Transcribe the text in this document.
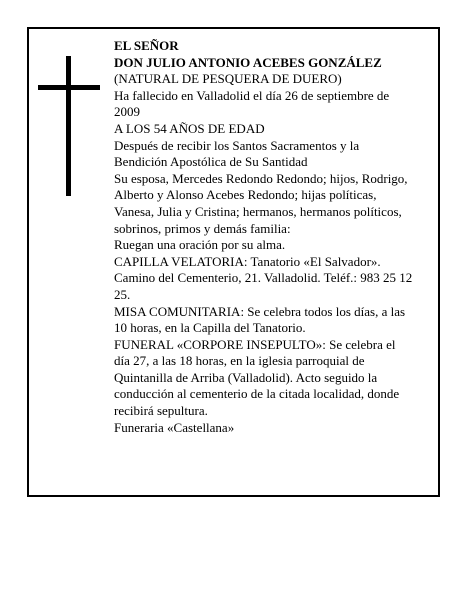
EL SEÑOR

DON JULIO ANTONIO ACEBES GONZÁLEZ

(NATURAL DE PESQUERA DE DUERO)

Ha fallecido en Valladolid el día 26 de septiembre de 2009

A LOS 54 AÑOS DE EDAD

Después de recibir los Santos Sacramentos y la Bendición Apostólica de Su Santidad

Su esposa, Mercedes Redondo Redondo; hijos, Rodrigo, Alberto y Alonso Acebes Redondo; hijas políticas, Vanesa, Julia y Cristina; hermanos, hermanos políticos, sobrinos, primos y demás familia:

Ruegan una oración por su alma.

CAPILLA VELATORIA: Tanatorio «El Salvador». Camino del Cementerio, 21. Valladolid. Teléf.: 983 25 12 25.

MISA COMUNITARIA: Se celebra todos los días, a las 10 horas, en la Capilla del Tanatorio.

FUNERAL «CORPORE INSEPULTO»: Se celebra el día 27, a las 18 horas, en la iglesia parroquial de Quintanilla de Arriba (Valladolid). Acto seguido la conducción al cementerio de la citada localidad, donde recibirá sepultura.

Funeraria «Castellana»
